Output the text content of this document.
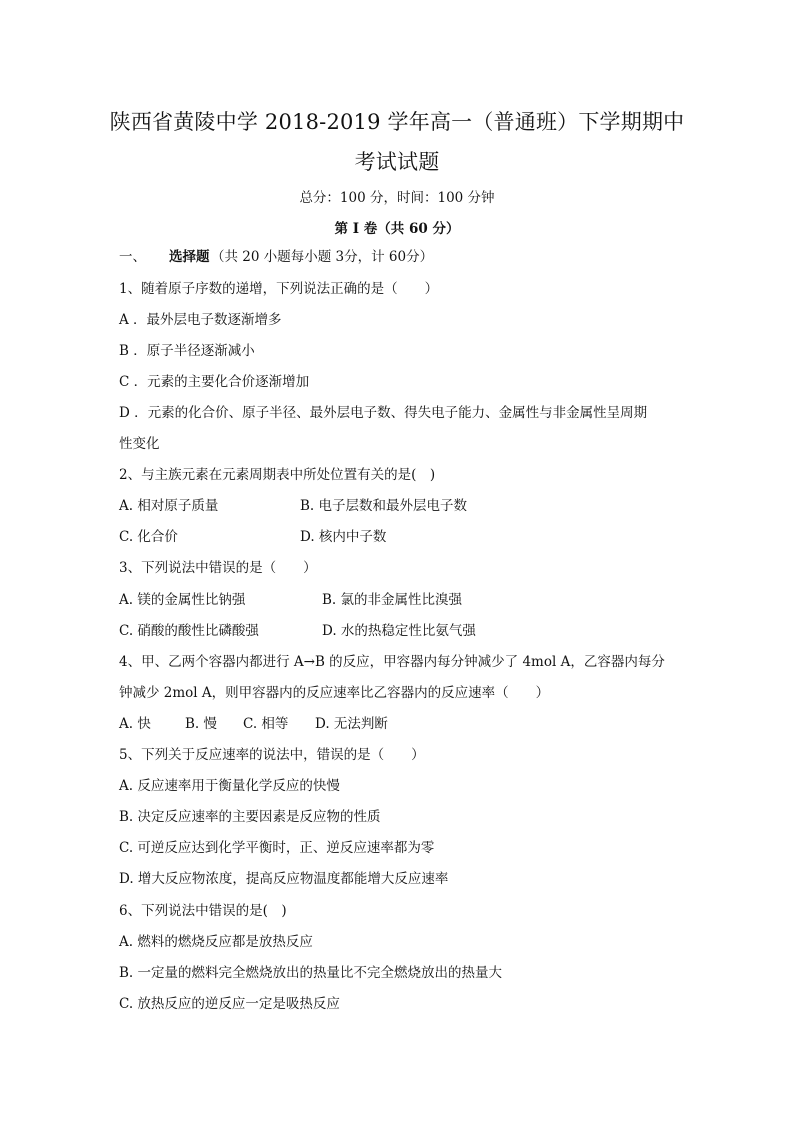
陕西省黄陵中学 2018-2019 学年高一（普通班）下学期期中
考试试题
总分：100 分，时间：100 分钟
第 I 卷（共 60 分）
一、 选择题 （共 20 小题每小题 3分，计 60分）
1、随着原子序数的递增，下列说法正确的是（　　）
A ．最外层电子数逐渐增多
B ．原子半径逐渐减小
C ．元素的主要化合价逐渐增加
D ．元素的化合价、原子半径、最外层电子数、得失电子能力、金属性与非金属性呈周期
性变化
2、与主族元素在元素周期表中所处位置有关的是(　)
A. 相对原子质量	B. 电子层数和最外层电子数
C. 化合价	D. 核内中子数
3、下列说法中错误的是（　　）
A. 镁的金属性比钠强	B. 氯的非金属性比溴强
C. 硝酸的酸性比磷酸强	D. 水的热稳定性比氨气强
4、甲、乙两个容器内都进行 A→B 的反应，甲容器内每分钟减少了 4mol A，乙容器内每分
钟减少 2mol A，则甲容器内的反应速率比乙容器内的反应速率（　　）
A. 快	B. 慢 C. 相等 D. 无法判断
5、下列关于反应速率的说法中，错误的是（　　）
A. 反应速率用于衡量化学反应的快慢
B. 决定反应速率的主要因素是反应物的性质
C. 可逆反应达到化学平衡时，正、逆反应速率都为零
D. 增大反应物浓度，提高反应物温度都能增大反应速率
6、下列说法中错误的是(　)
A. 燃料的燃烧反应都是放热反应
B. 一定量的燃料完全燃烧放出的热量比不完全燃烧放出的热量大
C. 放热反应的逆反应一定是吸热反应
